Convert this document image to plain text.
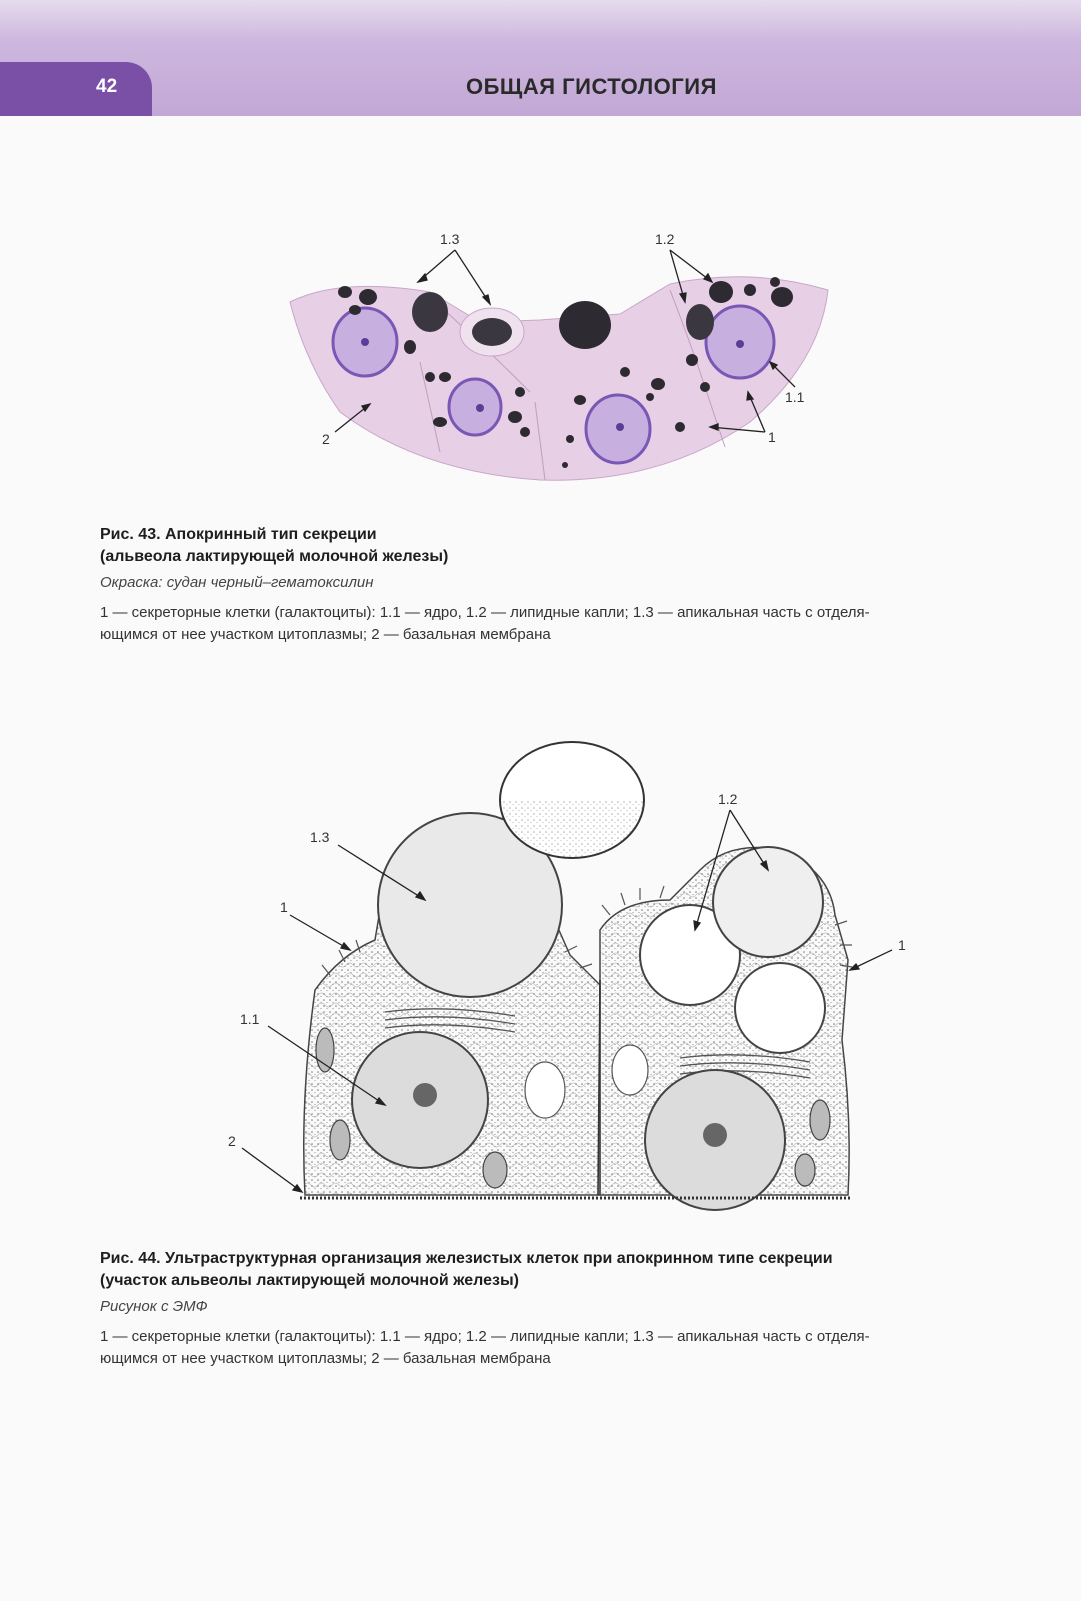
42	ОБЩАЯ ГИСТОЛОГИЯ
1.3	1.2
1.1
1
2
Рис. 43. Апокринный тип секреции
(альвеола лактирующей молочной железы)
Окраска: судан черный–гематоксилин
1 — секреторные клетки (галактоциты): 1.1 — ядро, 1.2 — липидные капли; 1.3 — апикальная часть с отделя-
ющимся от нее участком цитоплазмы; 2 — базальная мембрана
1.2
1.3
1
1
1.1
2
Рис. 44. Ультраструктурная организация железистых клеток при апокринном типе секреции
(участок альвеолы лактирующей молочной железы)
Рисунок с ЭМФ
1 — секреторные клетки (галактоциты): 1.1 — ядро; 1.2 — липидные капли; 1.3 — апикальная часть с отделя-
ющимся от нее участком цитоплазмы; 2 — базальная мембрана
